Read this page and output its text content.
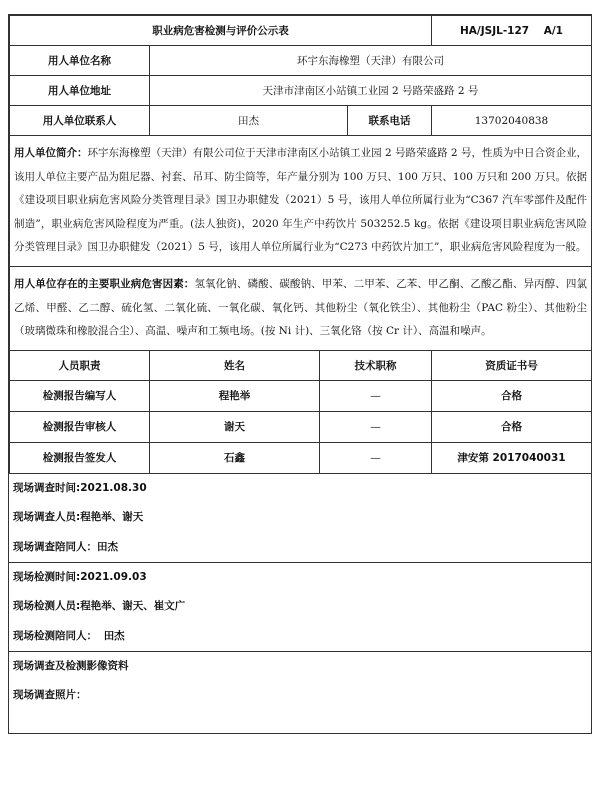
职业病危害检测与评价公示表			HA/JSJL-127 A/1
用人单位名称	环宇东海橡塑（天津）有限公司		
用人单位地址	天津市津南区小站镇工业园 2 号路荣盛路 2 号		
用人单位联系人	田杰	联系电话	13702040838
用人单位简介：环宇东海橡塑（天津）有限公司位于天津市津南区小站镇工业园 2 号路荣盛路 2 号，性质为中日合资企业，该用人单位主要产品为阻尼器、衬套、吊耳、防尘筒等，年产量分别为 100 万只、100 万只、100 万只和 200 万只。依据《建设项目职业病危害风险分类管理目录》国卫办职健发（2021）5 号，该用人单位所属行业为“C367 汽车零部件及配件制造”，职业病危害风险程度为严重。(法人独资)，2020 年生产中药饮片 503252.5 kg。依据《建设项目职业病危害风险分类管理目录》国卫办职健发（2021）5 号，该用人单位所属行业为“C273 中药饮片加工”，职业病危害风险程度为一般。			
用人单位存在的主要职业病危害因素：氢氧化钠、磷酸、碳酸钠、甲苯、二甲苯、乙苯、甲乙酮、乙酸乙酯、异丙醇、四氯乙烯、甲醛、乙二醇、硫化氢、二氧化硫、一氧化碳、氧化钙、其他粉尘（氧化铁尘）、其他粉尘（PAC 粉尘）、其他粉尘（玻璃微珠和橡胶混合尘）、高温、噪声和工频电场。(按 Ni 计)、三氧化铬（按 Cr 计）、高温和噪声。			
人员职责	姓名	技术职称	资质证书号
检测报告编写人	程艳举	—	合格
检测报告审核人	谢天	—	合格
检测报告签发人	石鑫	—	津安第 2017040031
现场调查时间:2021.08.30
现场调查人员:程艳举、谢天
现场调查陪同人：田杰
现场检测时间:2021.09.03
现场检测人员:程艳举、谢天、崔文广
现场检测陪同人： 田杰
现场调查及检测影像资料
现场调查照片：
